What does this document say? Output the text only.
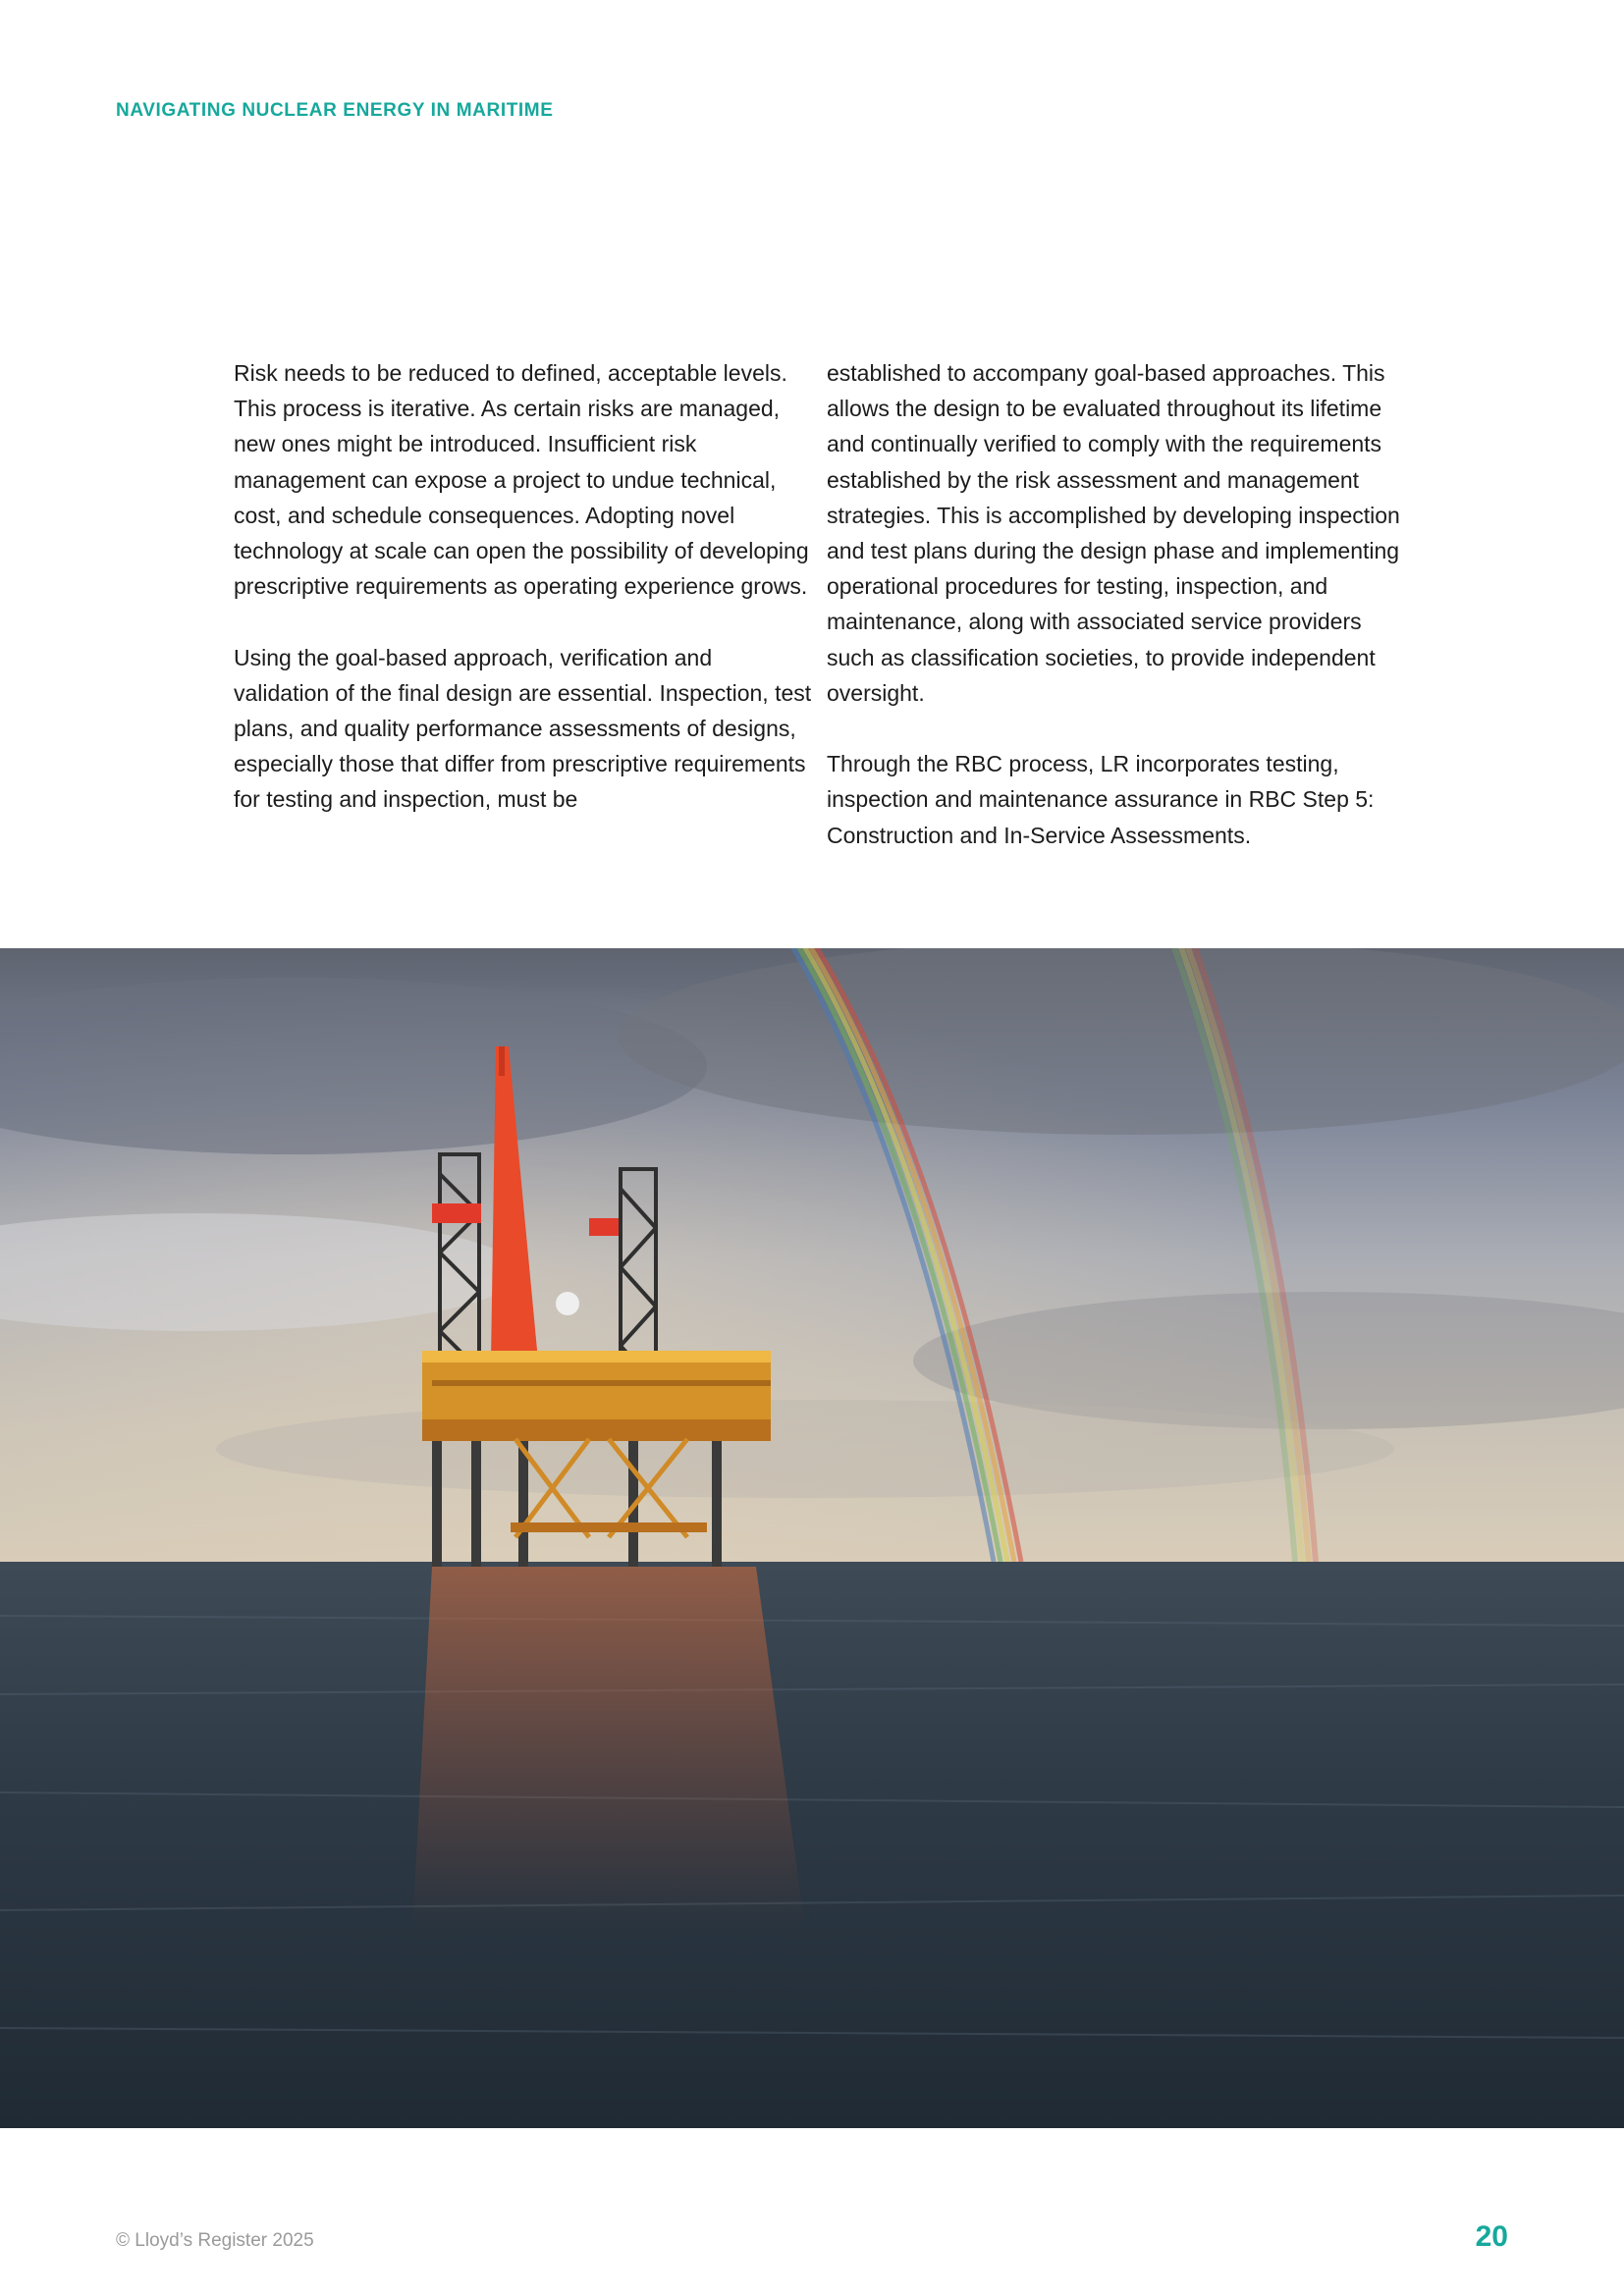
NAVIGATING NUCLEAR ENERGY IN MARITIME

Risk needs to be reduced to defined, acceptable levels. This process is iterative. As certain risks are managed, new ones might be introduced. Insufficient risk management can expose a project to undue technical, cost, and schedule consequences. Adopting novel technology at scale can open the possibility of developing prescriptive requirements as operating experience grows.

Using the goal-based approach, verification and validation of the final design are essential. Inspection, test plans, and quality performance assessments of designs, especially those that differ from prescriptive requirements for testing and inspection, must be

established to accompany goal-based approaches. This allows the design to be evaluated throughout its lifetime and continually verified to comply with the requirements established by the risk assessment and management strategies. This is accomplished by developing inspection and test plans during the design phase and implementing operational procedures for testing, inspection, and maintenance, along with associated service providers such as classification societies, to provide independent oversight.

Through the RBC process, LR incorporates testing, inspection and maintenance assurance in RBC Step 5: Construction and In-Service Assessments.

© Lloyd’s Register 2025	20
